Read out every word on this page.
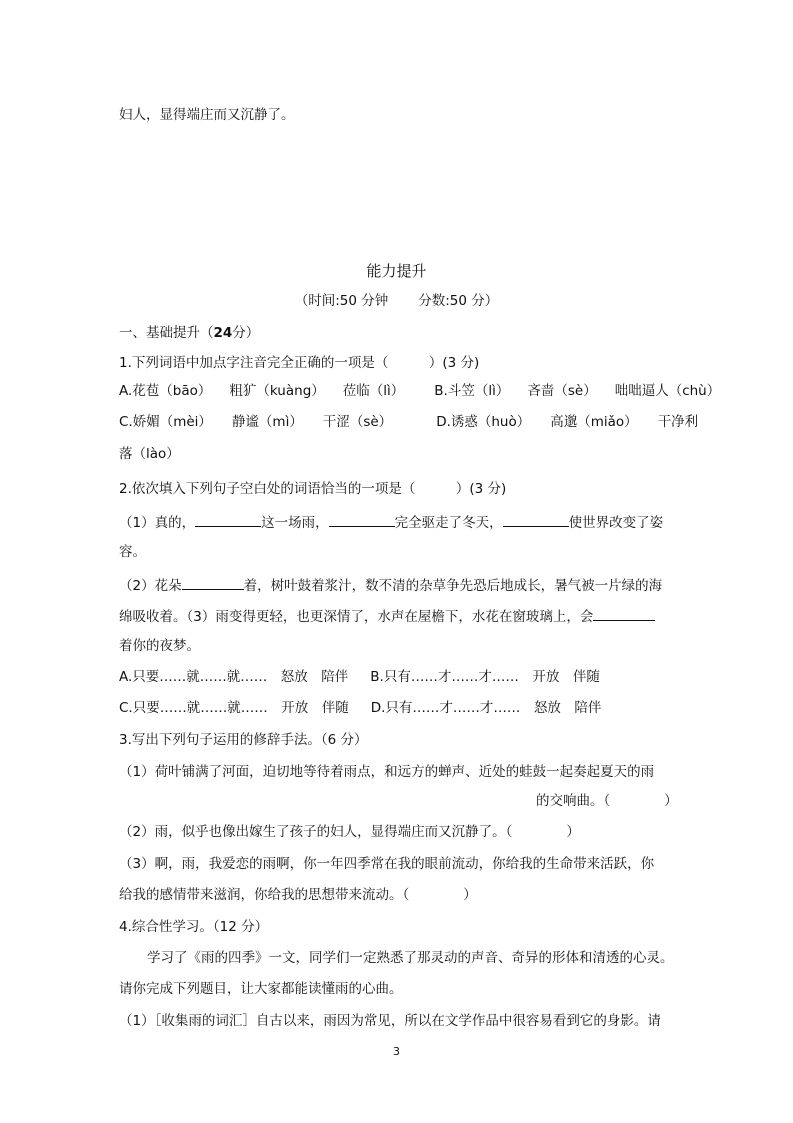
妇人，显得端庄而又沉静了。
能力提升
（时间:50 分钟 分数:50 分）
一、基础提升（24分）
1.下列词语中加点字注音完全正确的一项是（　　　）(3 分)
A.花苞（bāo） 粗犷（kuàng） 莅临（lì） B.斗笠（lì） 吝啬（sè） 咄咄逼人（chù）
C.娇媚（mèi） 静谧（mì） 干涩（sè）	D.诱惑（huò） 高邈（miǎo） 干净利
落（lào）
2.依次填入下列句子空白处的词语恰当的一项是（　　　）(3 分)
（1）真的，	这一场雨，	完全驱走了冬天，	使世界改变了姿
容。
（2）花朵	着，树叶鼓着浆汁，数不清的杂草争先恐后地成长，暑气被一片绿的海
绵吸收着。（3）雨变得更轻，也更深情了，水声在屋檐下，水花在窗玻璃上，会
着你的夜梦。
A.只要……就……就……　怒放　陪伴 B.只有……才……才……　开放　伴随
C.只要……就……就……　开放　伴随 D.只有……才……才……　怒放　陪伴
3.写出下列句子运用的修辞手法。（6 分）
（1）荷叶铺满了河面，迫切地等待着雨点，和远方的蝉声、近处的蛙鼓一起奏起夏天的雨
的交响曲。（　　　　）
（2）雨，似乎也像出嫁生了孩子的妇人，显得端庄而又沉静了。（　　　　）
（3）啊，雨，我爱恋的雨啊，你一年四季常在我的眼前流动，你给我的生命带来活跃，你
给我的感情带来滋润，你给我的思想带来流动。（　　　　）
4.综合性学习。（12 分）
学习了《雨的四季》一文，同学们一定熟悉了那灵动的声音、奇异的形体和清透的心灵。
请你完成下列题目，让大家都能读懂雨的心曲。
（1）［收集雨的词汇］自古以来，雨因为常见，所以在文学作品中很容易看到它的身影。请
3
